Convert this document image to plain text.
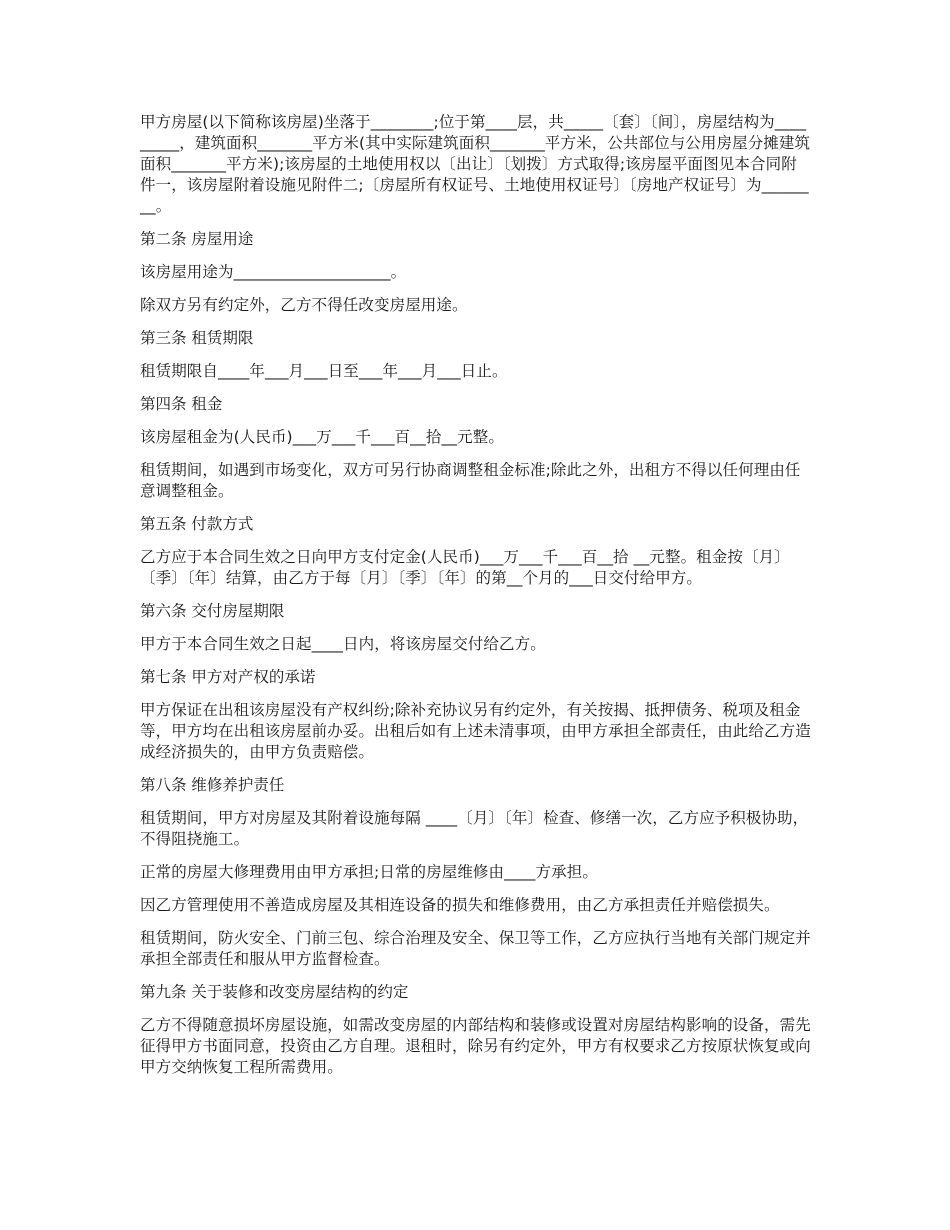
甲方房屋(以下简称该房屋)坐落于________;位于第____层，共_____〔套〕〔间〕，房屋结构为_________，建筑面积_______平方米(其中实际建筑面积_______平方米，公共部位与公用房屋分摊建筑面积_______平方米);该房屋的土地使用权以〔出让〕〔划拨〕方式取得;该房屋平面图见本合同附件一，该房屋附着设施见附件二;〔房屋所有权证号、土地使用权证号〕〔房地产权证号〕为________。

第二条 房屋用途

该房屋用途为____________________。

除双方另有约定外，乙方不得任改变房屋用途。

第三条 租赁期限

租赁期限自____年___月___日至___年___月___日止。

第四条 租金

该房屋租金为(人民币)___万___千___百__拾__元整。

租赁期间，如遇到市场变化，双方可另行协商调整租金标准;除此之外，出租方不得以任何理由任意调整租金。

第五条 付款方式

乙方应于本合同生效之日向甲方支付定金(人民币)___万___千___百__拾 __元整。租金按〔月〕〔季〕〔年〕结算，由乙方于每〔月〕〔季〕〔年〕的第__个月的___日交付给甲方。

第六条 交付房屋期限

甲方于本合同生效之日起____日内，将该房屋交付给乙方。

第七条 甲方对产权的承诺

甲方保证在出租该房屋没有产权纠纷;除补充协议另有约定外，有关按揭、抵押债务、税项及租金等，甲方均在出租该房屋前办妥。出租后如有上述未清事项，由甲方承担全部责任，由此给乙方造成经济损失的，由甲方负责赔偿。

第八条 维修养护责任

租赁期间，甲方对房屋及其附着设施每隔 ____〔月〕〔年〕检查、修缮一次，乙方应予积极协助，不得阻挠施工。

正常的房屋大修理费用由甲方承担;日常的房屋维修由____方承担。

因乙方管理使用不善造成房屋及其相连设备的损失和维修费用，由乙方承担责任并赔偿损失。

租赁期间，防火安全、门前三包、综合治理及安全、保卫等工作，乙方应执行当地有关部门规定并承担全部责任和服从甲方监督检查。

第九条 关于装修和改变房屋结构的约定

乙方不得随意损坏房屋设施，如需改变房屋的内部结构和装修或设置对房屋结构影响的设备，需先征得甲方书面同意，投资由乙方自理。退租时，除另有约定外，甲方有权要求乙方按原状恢复或向甲方交纳恢复工程所需费用。
